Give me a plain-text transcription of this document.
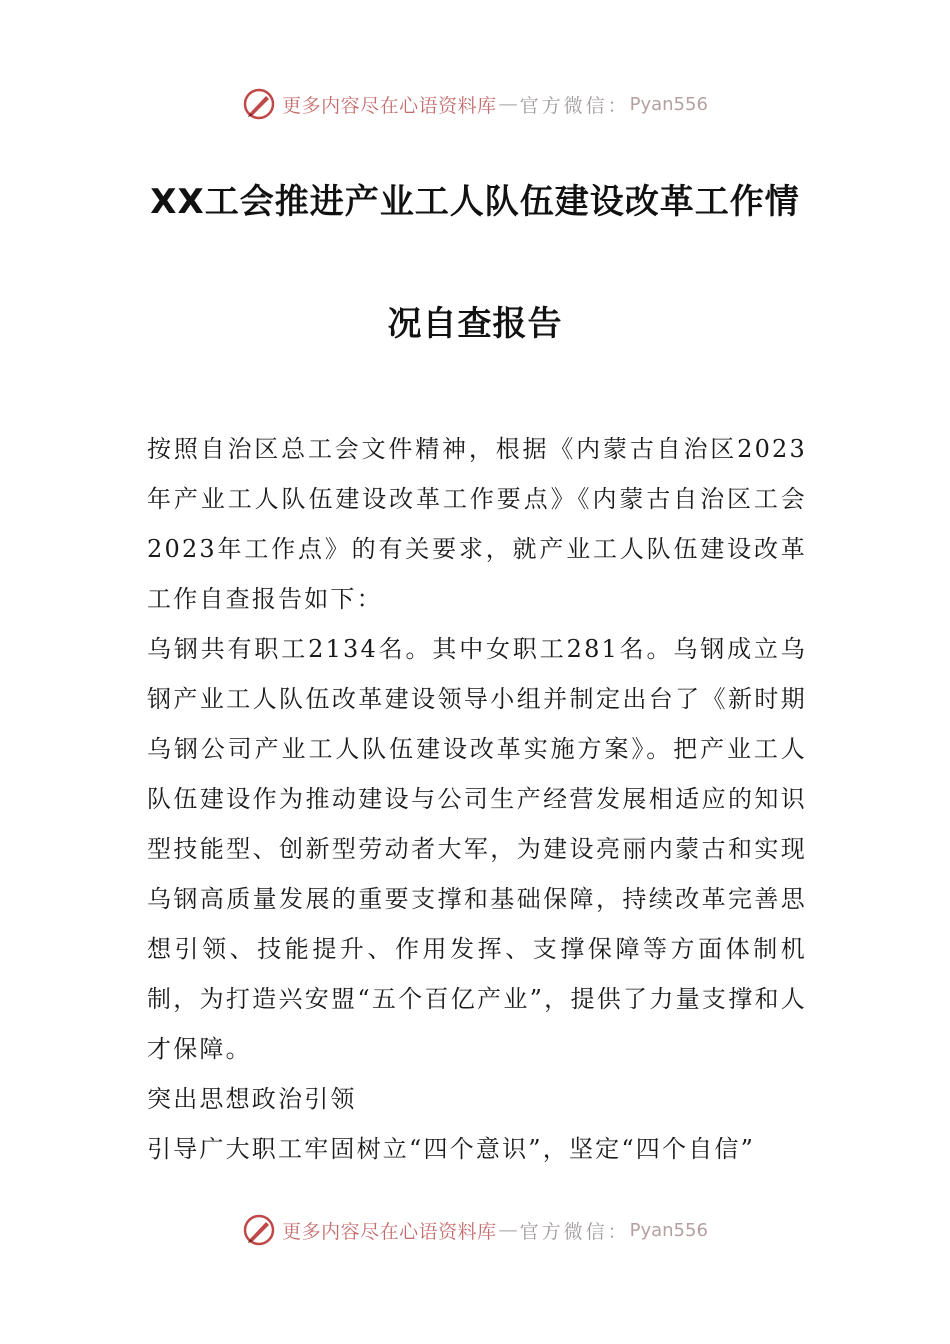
更多内容尽在心语资料库 — 官方微信： Pyan556
XX工会推进产业工人队伍建设改革工作情
况自查报告

按照自治区总工会文件精神，根据《内蒙古自治区2023年产业工人队伍建设改革工作要点》《内蒙古自治区工会2023年工作点》的有关要求，就产业工人队伍建设改革工作自查报告如下：

乌钢共有职工2134名。其中女职工281名。乌钢成立乌钢产业工人队伍改革建设领导小组并制定出台了《新时期乌钢公司产业工人队伍建设改革实施方案》。把产业工人队伍建设作为推动建设与公司生产经营发展相适应的知识型技能型、创新型劳动者大军，为建设亮丽内蒙古和实现乌钢高质量发展的重要支撑和基础保障，持续改革完善思想引领、技能提升、作用发挥、支撑保障等方面体制机制，为打造兴安盟“五个百亿产业”，提供了力量支撑和人才保障。

突出思想政治引领

引导广大职工牢固树立“四个意识”，坚定“四个自信”

更多内容尽在心语资料库 — 官方微信： Pyan556
